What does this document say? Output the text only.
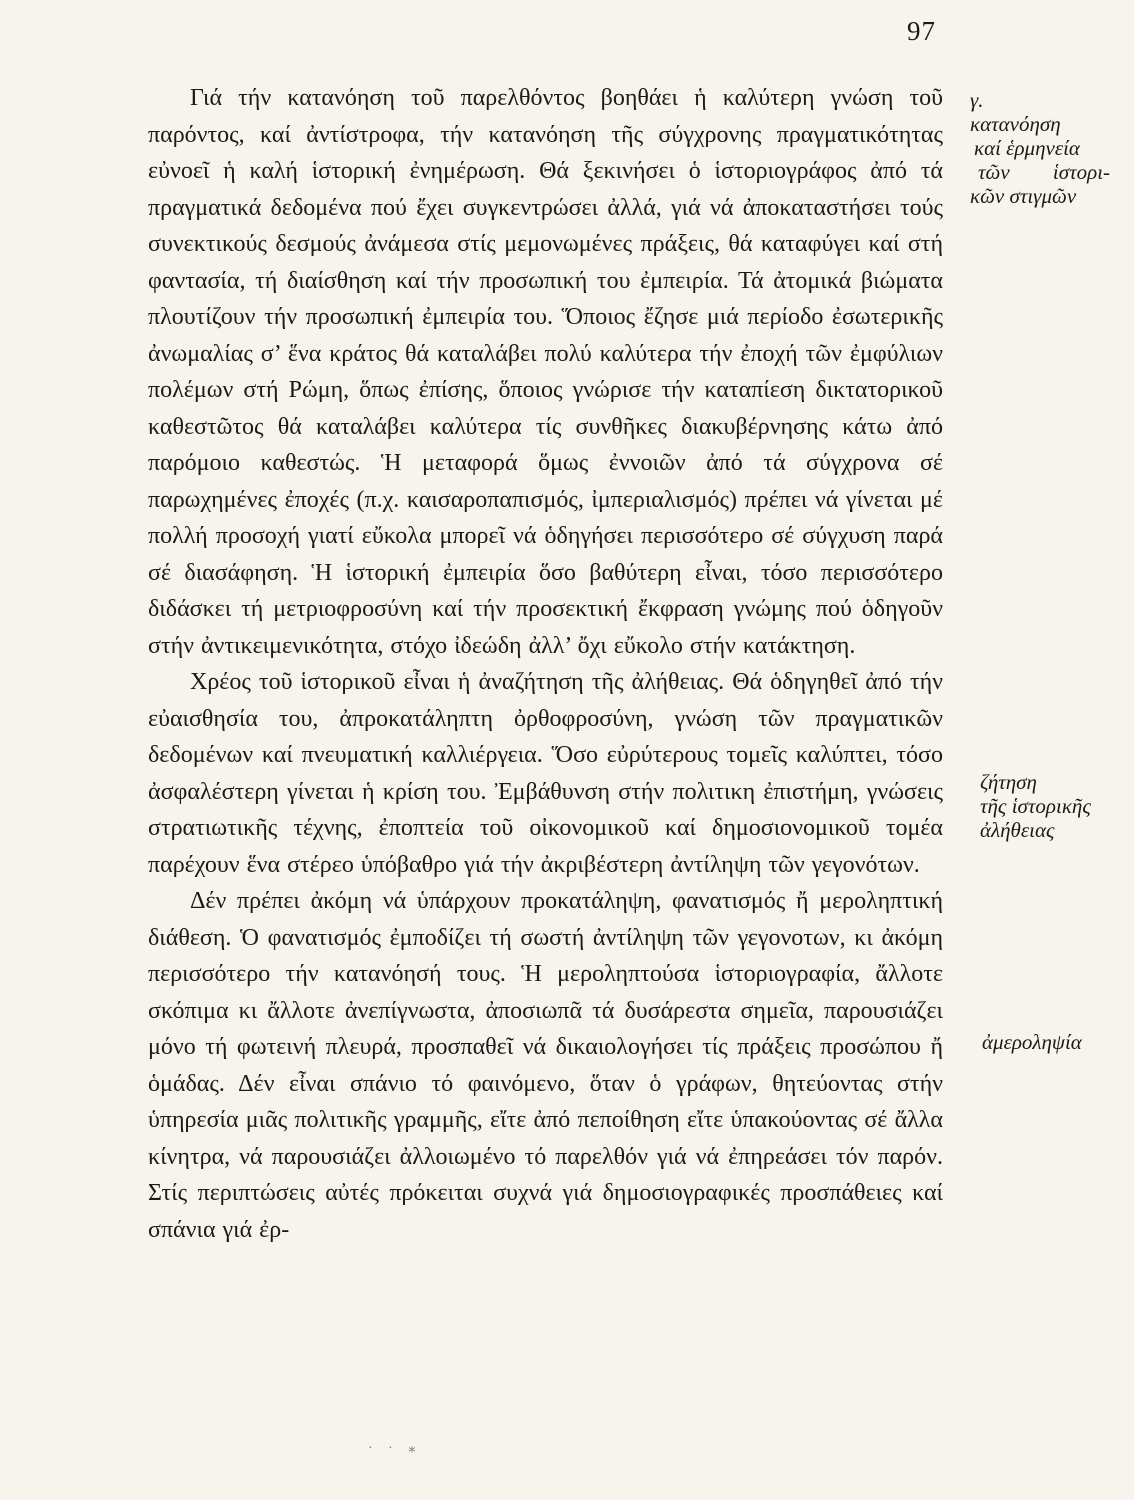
97

Γιά τήν κατανόηση τοῦ παρελθόντος βοηθάει ἡ καλύτερη γνώση τοῦ παρόντος, καί ἀντίστροφα, τήν κατανόηση τῆς σύγχρονης πραγματικότητας εὐνοεῖ ἡ καλή ἱστορική ἐνημέρωση. Θά ξεκινήσει ὁ ἱστοριογράφος ἀπό τά πραγματικά δεδομένα πού ἔχει συγκεντρώσει ἀλλά, γιά νά ἀποκαταστήσει τούς συνεκτικούς δεσμούς ἀνάμεσα στίς μεμονωμένες πράξεις, θά καταφύγει καί στή φαντασία, τή διαίσθηση καί τήν προσωπική του ἐμπειρία. Τά ἀτομικά βιώματα πλουτίζουν τήν προσωπική ἐμπειρία του. Ὅποιος ἔζησε μιά περίοδο ἐσωτερικῆς ἀνωμαλίας σ’ ἕνα κράτος θά καταλάβει πολύ καλύτερα τήν ἐποχή τῶν ἐμφύλιων πολέμων στή Ρώμη, ὅπως ἐπίσης, ὅποιος γνώρισε τήν καταπίεση δικτατορικοῦ καθεστῶτος θά καταλάβει καλύτερα τίς συνθῆκες διακυβέρνησης κάτω ἀπό παρόμοιο καθεστώς. Ἡ μεταφορά ὅμως ἐννοιῶν ἀπό τά σύγχρονα σέ παρωχημένες ἐποχές (π.χ. καισαροπαπισμός, ἰμπεριαλισμός) πρέπει νά γίνεται μέ πολλή προσοχή γιατί εὔκολα μπορεῖ νά ὁδηγήσει περισσότερο σέ σύγχυση παρά σέ διασάφηση. Ἡ ἱστορική ἐμπειρία ὅσο βαθύτερη εἶναι, τόσο περισσότερο διδάσκει τή μετριοφροσύνη καί τήν προσεκτική ἔκφραση γνώμης πού ὁδηγοῦν στήν ἀντικειμενικότητα, στόχο ἰδεώδη ἀλλ’ ὄχι εὔκολο στήν κατάκτηση.

Χρέος τοῦ ἱστορικοῦ εἶναι ἡ ἀναζήτηση τῆς ἀλήθειας. Θά ὁδηγηθεῖ ἀπό τήν εὐαισθησία του, ἀπροκατάληπτη ὀρθοφροσύνη, γνώση τῶν πραγματικῶν δεδομένων καί πνευματική καλλιέργεια. Ὅσο εὐρύτερους τομεῖς καλύπτει, τόσο ἀσφαλέστερη γίνεται ἡ κρίση του. Ἐμβάθυνση στήν πολιτικη ἐπιστήμη, γνώσεις στρατιωτικῆς τέχνης, ἐποπτεία τοῦ οἰκονομικοῦ καί δημοσιονομικοῦ τομέα παρέχουν ἕνα στέρεο ὑπόβαθρο γιά τήν ἀκριβέστερη ἀντίληψη τῶν γεγονότων.

Δέν πρέπει ἀκόμη νά ὑπάρχουν προκατάληψη, φανατισμός ἤ μεροληπτική διάθεση. Ὁ φανατισμός ἐμποδίζει τή σωστή ἀντίληψη τῶν γεγονοτων, κι ἀκόμη περισσότερο τήν κατανόησή τους. Ἡ μεροληπτούσα ἱστοριογραφία, ἄλλοτε σκόπιμα κι ἄλλοτε ἀνεπίγνωστα, ἀποσιωπᾶ τά δυσάρεστα σημεῖα, παρουσιάζει μόνο τή φωτεινή πλευρά, προσπαθεῖ νά δικαιολογήσει τίς πράξεις προσώπου ἤ ὁμάδας. Δέν εἶναι σπάνιο τό φαινόμενο, ὅταν ὁ γράφων, θητεύοντας στήν ὑπηρεσία μιᾶς πολιτικῆς γραμμῆς, εἴτε ἀπό πεποίθηση εἴτε ὑπακούοντας σέ ἄλλα κίνητρα, νά παρουσιάζει ἀλλοιωμένο τό παρελθόν γιά νά ἐπηρεάσει τόν παρόν. Στίς περιπτώσεις αὐτές πρόκειται συχνά γιά δημοσιογραφικές προσπάθειες καί σπάνια γιά ἐρ-

γ.
κατανόηση
καί ἑρμηνεία
τῶν ἱστορι-
κῶν στιγμῶν
ζήτηση
τῆς ἱστορικῆς
ἀλήθειας
ἀμεροληψία
· · ⁎
